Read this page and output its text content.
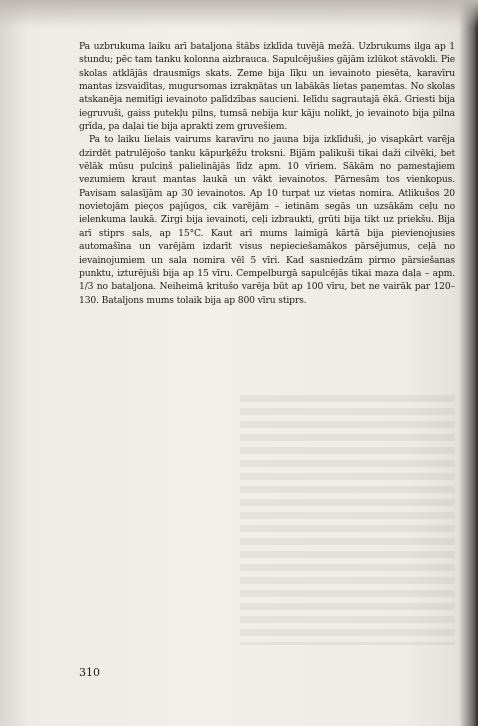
Pa uzbrukuma laiku arī bataljona štābs izklīda tuvējā mežā. Uzbrukums ilga ap 1 stundu; pēc tam tanku kolonna aizbrauca. Sapulcējušies gājām izlūkot stāvokli. Pie skolas atklājās drausmīgs skats. Zeme bija līķu un ievainoto piesēta, karavīru mantas izsvaidītas, mugursomas izrakņātas un labākās lietas paņemtas. No skolas atskanēja nemitīgi ievainoto palīdzības saucieni. Ielīdu sagrautajā ēkā. Griesti bija iegruvuši, gaiss putekļu pilns, tumsā nebija kur kāju nolikt, jo ievainoto bija pilna grīda, pa daļai tie bija aprakti zem gruvešiem.

Pa to laiku lielais vairums karavīru no jauna bija izklīduši, jo visapkārt varēja dzirdēt patrulējošo tanku kāpurķēžu troksni. Bijām palikuši tikai daži cilvēki, bet vēlāk mūsu pulciņš palielinājās līdz apm. 10 vīriem. Sākām no pamestajiem vezumiem kraut mantas laukā un vākt ievainotos. Pārnesām tos vienkopus. Pavisam salasījām ap 30 ievainotos. Ap 10 turpat uz vietas nomira. Atlikušos 20 novietojām pieços pajūgos, cik varējām – ietinām segās un uzsākām ceļu no ielenkuma laukā. Zirgi bija ievainoti, ceļi izbraukti, grūti bija tikt uz priekšu. Bija arī stiprs sals, ap 15°C. Kaut arī mums laimīgā kārtā bija pievienojusies automašīna un varējām izdarīt visus nepieciešamākos pārsējumus, ceļā no ievainojumiem un sala nomira vēl 5 vīri. Kad sasniedzām pirmo pārsiešanas punktu, izturējuši bija ap 15 vīru. Cempelburgā sapulcējās tikai maza daļa – apm. 1/3 no bataljona. Neiheimā kritušo varēja būt ap 100 vīru, bet ne vairāk par 120–130. Bataljons mums tolaik bija ap 800 vīru stiprs.

310
